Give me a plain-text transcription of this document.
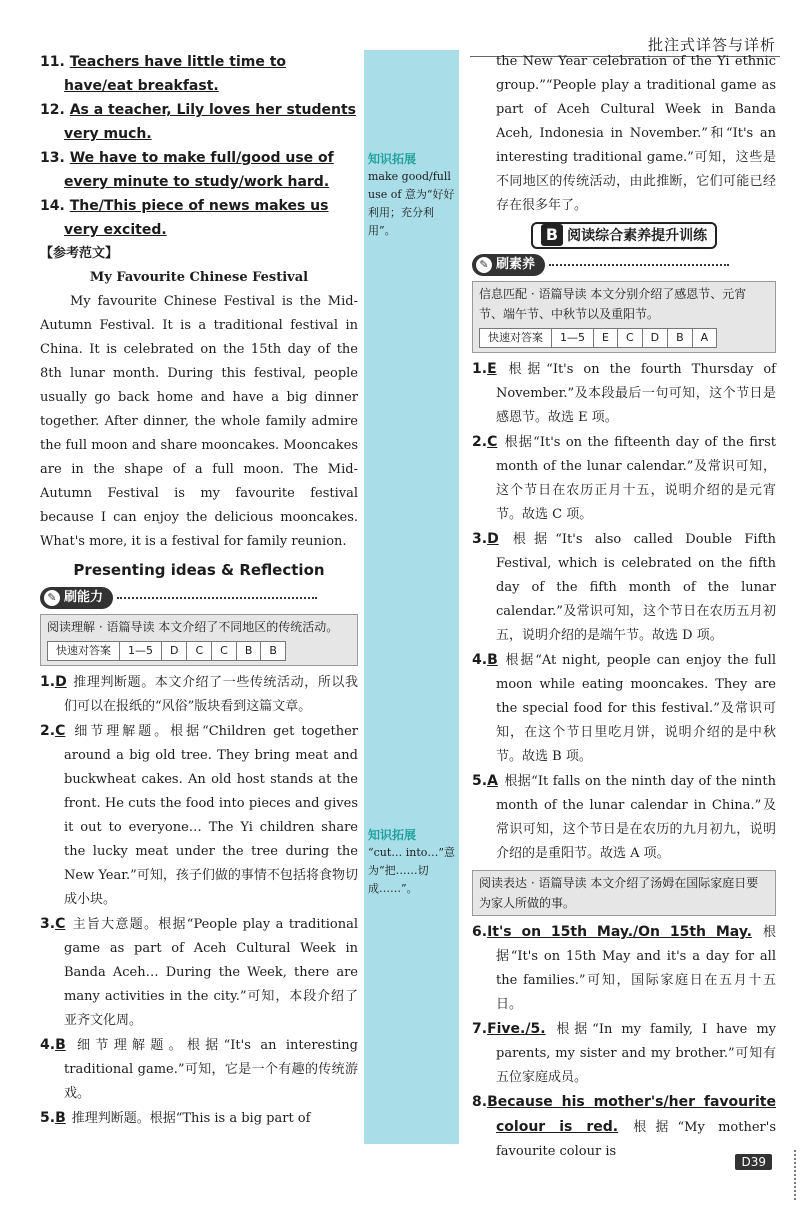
批注式详答与详析
知识拓展
make good/full use of 意为“好好利用；充分利用”。
知识拓展
“cut… into…”意为“把……切成……”。
11. Teachers have little time to have/eat breakfast.
12. As a teacher, Lily loves her students very much.
13. We have to make full/good use of every minute to study/work hard.
14. The/This piece of news makes us very excited.
【参考范文】
My Favourite Chinese Festival
My favourite Chinese Festival is the Mid-Autumn Festival. It is a traditional festival in China. It is celebrated on the 15th day of the 8th lunar month. During this festival, people usually go back home and have a big dinner together. After dinner, the whole family admire the full moon and share mooncakes. Mooncakes are in the shape of a full moon. The Mid-Autumn Festival is my favourite festival because I can enjoy the delicious mooncakes. What's more, it is a festival for family reunion.
Presenting ideas & Reflection
✎ 刷能力
阅读理解 · 语篇导读 本文介绍了不同地区的传统活动。
快速对答案	1—5	D	C	C	B	B
1.D 推理判断题。本文介绍了一些传统活动，所以我们可以在报纸的“风俗”版块看到这篇文章。
2.C 细节理解题。根据“Children get together around a big old tree. They bring meat and buckwheat cakes. An old host stands at the front. He cuts the food into pieces and gives it out to everyone… The Yi children share the lucky meat under the tree during the New Year.”可知，孩子们做的事情不包括将食物切成小块。
3.C 主旨大意题。根据“People play a traditional game as part of Aceh Cultural Week in Banda Aceh… During the Week, there are many activities in the city.”可知，本段介绍了亚齐文化周。
4.B 细节理解题。根据“It's an interesting traditional game.”可知，它是一个有趣的传统游戏。
5.B 推理判断题。根据“This is a big part of
the New Year celebration of the Yi ethnic group.”“People play a traditional game as part of Aceh Cultural Week in Banda Aceh, Indonesia in November.”和“It's an interesting traditional game.”可知，这些是不同地区的传统活动，由此推断，它们可能已经存在很多年了。
B 阅读综合素养提升训练
✎ 刷素养
信息匹配 · 语篇导读 本文分别介绍了感恩节、元宵节、端午节、中秋节以及重阳节。
快速对答案	1—5	E	C	D	B	A
1.E 根据“It's on the fourth Thursday of November.”及本段最后一句可知，这个节日是感恩节。故选 E 项。
2.C 根据“It's on the fifteenth day of the first month of the lunar calendar.”及常识可知，这个节日在农历正月十五，说明介绍的是元宵节。故选 C 项。
3.D 根据“It's also called Double Fifth Festival, which is celebrated on the fifth day of the fifth month of the lunar calendar.”及常识可知，这个节日在农历五月初五，说明介绍的是端午节。故选 D 项。
4.B 根据“At night, people can enjoy the full moon while eating mooncakes. They are the special food for this festival.”及常识可知，在这个节日里吃月饼，说明介绍的是中秋节。故选 B 项。
5.A 根据“It falls on the ninth day of the ninth month of the lunar calendar in China.”及常识可知，这个节日是在农历的九月初九，说明介绍的是重阳节。故选 A 项。
阅读表达 · 语篇导读 本文介绍了汤姆在国际家庭日要为家人所做的事。
6.It's on 15th May./On 15th May. 根据“It's on 15th May and it's a day for all the families.”可知，国际家庭日在五月十五日。
7.Five./5. 根据“In my family, I have my parents, my sister and my brother.”可知有五位家庭成员。
8.Because his mother's/her favourite colour is red. 根据“My mother's favourite colour is
D39
